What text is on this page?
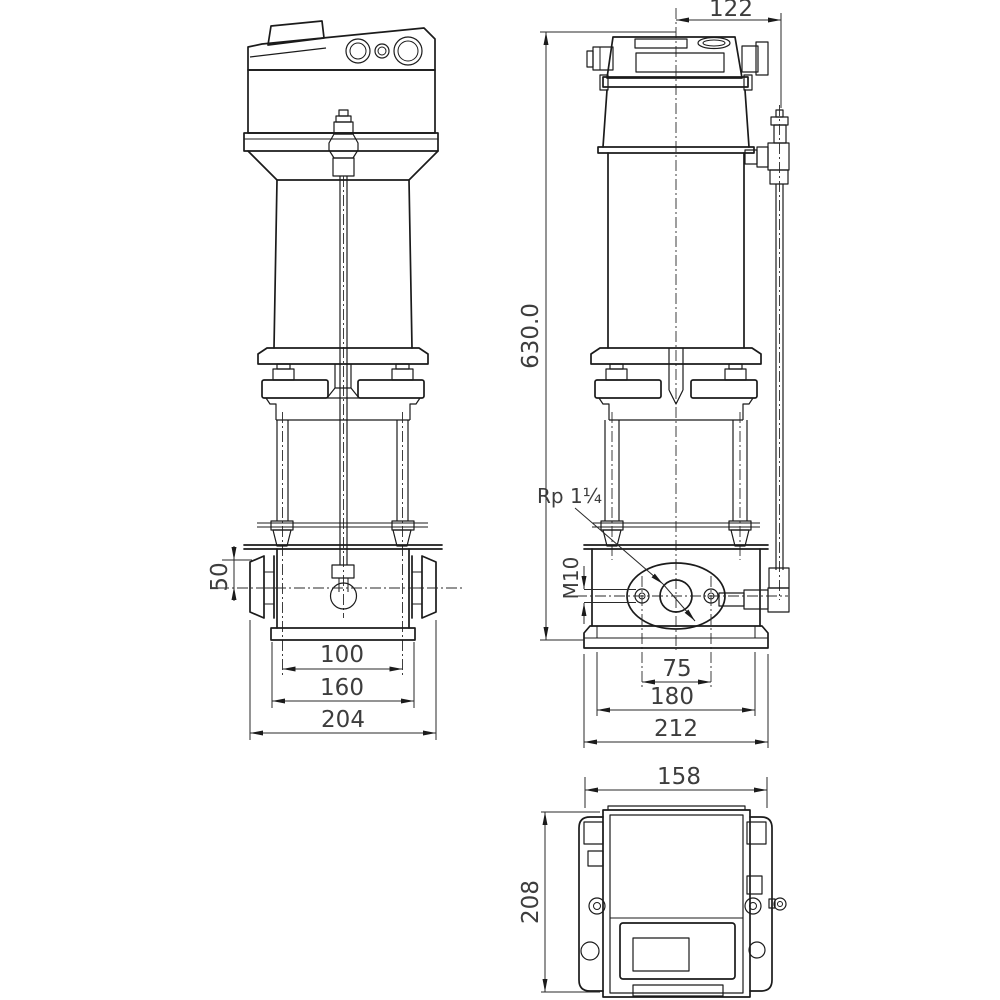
50
100
160
204
122
630.0
Rp 1¼
M10
75
180
212
158
208
